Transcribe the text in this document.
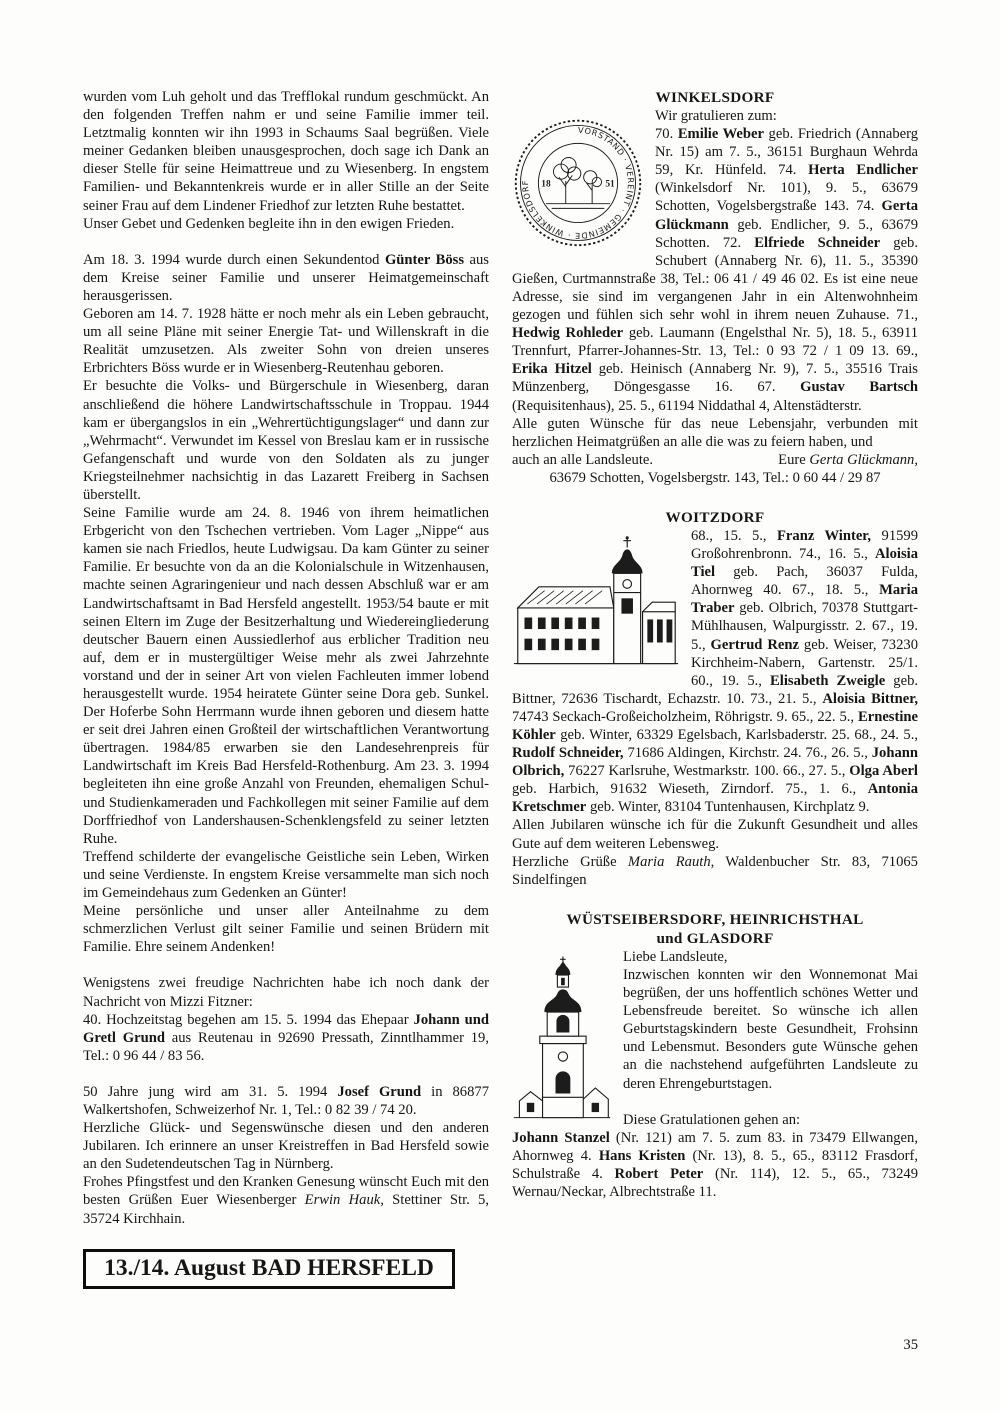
wurden vom Luh geholt und das Trefflokal rundum geschmückt. An den folgenden Treffen nahm er und seine Familie immer teil. Letztmalig konnten wir ihn 1993 in Schaums Saal begrüßen. Viele meiner Gedanken bleiben unausgesprochen, doch sage ich Dank an dieser Stelle für seine Heimattreue und zu Wiesenberg. In engstem Familien- und Bekanntenkreis wurde er in aller Stille an der Seite seiner Frau auf dem Lindener Friedhof zur letzten Ruhe bestattet.

Unser Gebet und Gedenken begleite ihn in den ewigen Frieden.

Am 18. 3. 1994 wurde durch einen Sekundentod Günter Böss aus dem Kreise seiner Familie und unserer Heimatgemeinschaft herausgerissen.

Geboren am 14. 7. 1928 hätte er noch mehr als ein Leben gebraucht, um all seine Pläne mit seiner Energie Tat- und Willenskraft in die Realität umzusetzen. Als zweiter Sohn von dreien unseres Erbrichters Böss wurde er in Wiesenberg-Reutenhau geboren.

Er besuchte die Volks- und Bürgerschule in Wiesenberg, daran anschließend die höhere Landwirtschaftsschule in Troppau. 1944 kam er übergangslos in ein „Wehrertüchtigungslager“ und dann zur „Wehrmacht“. Verwundet im Kessel von Breslau kam er in russische Gefangenschaft und wurde von den Soldaten als zu junger Kriegsteilnehmer nachsichtig in das Lazarett Freiberg in Sachsen überstellt.

Seine Familie wurde am 24. 8. 1946 von ihrem heimatlichen Erbgericht von den Tschechen vertrieben. Vom Lager „Nippe“ aus kamen sie nach Friedlos, heute Ludwigsau. Da kam Günter zu seiner Familie. Er besuchte von da an die Kolonialschule in Witzenhausen, machte seinen Agraringenieur und nach dessen Abschluß war er am Landwirtschaftsamt in Bad Hersfeld angestellt. 1953/54 baute er mit seinen Eltern im Zuge der Besitzerhaltung und Wiedereingliederung deutscher Bauern einen Aussiedlerhof aus erblicher Tradition neu auf, dem er in mustergültiger Weise mehr als zwei Jahrzehnte vorstand und der in seiner Art von vielen Fachleuten immer lobend herausgestellt wurde. 1954 heiratete Günter seine Dora geb. Sunkel. Der Hoferbe Sohn Herrmann wurde ihnen geboren und diesem hatte er seit drei Jahren einen Großteil der wirtschaftlichen Verantwortung übertragen. 1984/85 erwarben sie den Landesehrenpreis für Landwirtschaft im Kreis Bad Hersfeld-Rothenburg. Am 23. 3. 1994 begleiteten ihn eine große Anzahl von Freunden, ehemaligen Schul- und Studienkameraden und Fachkollegen mit seiner Familie auf dem Dorffriedhof von Landershausen-Schenklengsfeld zu seiner letzten Ruhe.

Treffend schilderte der evangelische Geistliche sein Leben, Wirken und seine Verdienste. In engstem Kreise versammelte man sich noch im Gemeindehaus zum Gedenken an Günter!

Meine persönliche und unser aller Anteilnahme zu dem schmerzlichen Verlust gilt seiner Familie und seinen Brüdern mit Familie. Ehre seinem Andenken!

Wenigstens zwei freudige Nachrichten habe ich noch dank der Nachricht von Mizzi Fitzner:

40. Hochzeitstag begehen am 15. 5. 1994 das Ehepaar Johann und Gretl Grund aus Reutenau in 92690 Pressath, Zinntlhammer 19, Tel.: 0 96 44 / 83 56.

50 Jahre jung wird am 31. 5. 1994 Josef Grund in 86877 Walkertshofen, Schweizerhof Nr. 1, Tel.: 0 82 39 / 74 20.

Herzliche Glück- und Segenswünsche diesen und den anderen Jubilaren. Ich erinnere an unser Kreistreffen in Bad Hersfeld sowie an den Sudetendeutschen Tag in Nürnberg.

Frohes Pfingstfest und den Kranken Genesung wünscht Euch mit den besten Grüßen Euer Wiesenberger Erwin Hauk, Stettiner Str. 5, 35724 Kirchhain.

13./14. August BAD HERSFELD
WINKELSDORF
VORSTAND · VEREINT · GEMEINDE · WINKELSDORF	18	51
Wir gratulieren zum:

70. Emilie Weber geb. Friedrich (Annaberg Nr. 15) am 7. 5., 36151 Burghaun Wehrda 59, Kr. Hünfeld. 74. Herta Endlicher (Winkelsdorf Nr. 101), 9. 5., 63679 Schotten, Vogelsbergstraße 143. 74. Gerta Glückmann geb. Endlicher, 9. 5., 63679 Schotten. 72. Elfriede Schneider geb. Schubert (Annaberg Nr. 6), 11. 5., 35390 Gießen, Curtmannstraße 38, Tel.: 06 41 / 49 46 02. Es ist eine neue Adresse, sie sind im vergangenen Jahr in ein Altenwohnheim gezogen und fühlen sich sehr wohl in ihrem neuen Zuhause. 71., Hedwig Rohleder geb. Laumann (Engelsthal Nr. 5), 18. 5., 63911 Trennfurt, Pfarrer-Johannes-Str. 13, Tel.: 0 93 72 / 1 09 13. 69., Erika Hitzel geb. Heinisch (Annaberg Nr. 9), 7. 5., 35516 Trais Münzenberg, Döngesgasse 16. 67. Gustav Bartsch (Requisitenhaus), 25. 5., 61194 Niddathal 4, Altenstädterstr.

Alle guten Wünsche für das neue Lebensjahr, verbunden mit herzlichen Heimatgrüßen an alle die was zu feiern haben, und

auch an alle Landsleute.	Eure Gerta Glückmann,
63679 Schotten, Vogelsbergstr. 143, Tel.: 0 60 44 / 29 87
WOITZDORF

68., 15. 5., Franz Winter, 91599 Großohrenbronn. 74., 16. 5., Aloisia Tiel geb. Pach, 36037 Fulda, Ahornweg 40. 67., 18. 5., Maria Traber geb. Olbrich, 70378 Stuttgart-Mühlhausen, Walpurgisstr. 2. 67., 19. 5., Gertrud Renz geb. Weiser, 73230 Kirchheim-Nabern, Gartenstr. 25/1. 60., 19. 5., Elisabeth Zweigle geb. Bittner, 72636 Tischardt, Echazstr. 10. 73., 21. 5., Aloisia Bittner, 74743 Seckach-Großeicholzheim, Röhrigstr. 9. 65., 22. 5., Ernestine Köhler geb. Winter, 63329 Egelsbach, Karlsbaderstr. 25. 68., 24. 5., Rudolf Schneider, 71686 Aldingen, Kirchstr. 24. 76., 26. 5., Johann Olbrich, 76227 Karlsruhe, Westmarkstr. 100. 66., 27. 5., Olga Aberl geb. Harbich, 91632 Wieseth, Zirndorf. 75., 1. 6., Antonia Kretschmer geb. Winter, 83104 Tuntenhausen, Kirchplatz 9.

Allen Jubilaren wünsche ich für die Zukunft Gesundheit und alles Gute auf dem weiteren Lebensweg.

Herzliche Grüße Maria Rauth, Waldenbucher Str. 83, 71065 Sindelfingen

WÜSTSEIBERSDORF, HEINRICHSTHAL
und GLASDORF
Liebe Landsleute,

Inzwischen konnten wir den Wonnemonat Mai begrüßen, der uns hoffentlich schönes Wetter und Lebensfreude bereitet. So wünsche ich allen Geburtstagskindern beste Gesundheit, Frohsinn und Lebensmut. Besonders gute Wünsche gehen an die nachstehend aufgeführten Landsleute zu deren Ehrengeburtstagen.

Diese Gratulationen gehen an:

Johann Stanzel (Nr. 121) am 7. 5. zum 83. in 73479 Ellwangen, Ahornweg 4. Hans Kristen (Nr. 13), 8. 5., 65., 83112 Frasdorf, Schulstraße 4. Robert Peter (Nr. 114), 12. 5., 65., 73249 Wernau/Neckar, Albrechtstraße 11.

35
